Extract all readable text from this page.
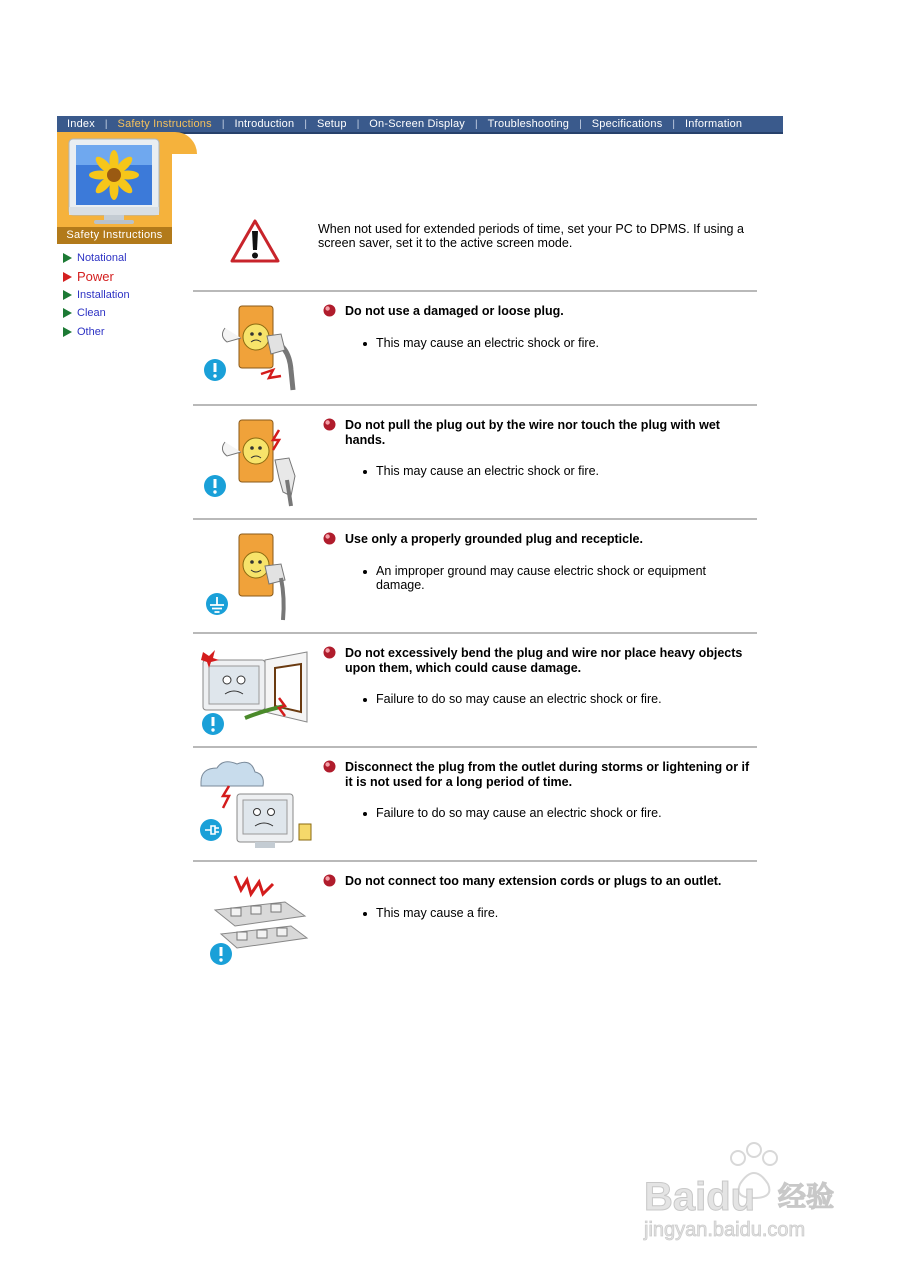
Index	| Safety Instructions	| Introduction	| Setup	| On-Screen Display	| Troubleshooting	| Specifications	| Information
Safety Instructions
Notational
Power
Installation
Clean
Other
When not used for extended periods of time, set your PC to DPMS. If using a screen saver, set it to the active screen mode.
Do not use a damaged or loose plug.
This may cause an electric shock or fire.
Do not pull the plug out by the wire nor touch the plug with wet hands.
This may cause an electric shock or fire.
Use only a properly grounded plug and recepticle.
An improper ground may cause electric shock or equipment damage.
Do not excessively bend the plug and wire nor place heavy objects upon them, which could cause damage.
Failure to do so may cause an electric shock or fire.
Disconnect the plug from the outlet during storms or lightening or if it is not used for a long period of time.
Failure to do so may cause an electric shock or fire.
Do not connect too many extension cords or plugs to an outlet.
This may cause a fire.
Baidu 经验
jingyan.baidu.com
